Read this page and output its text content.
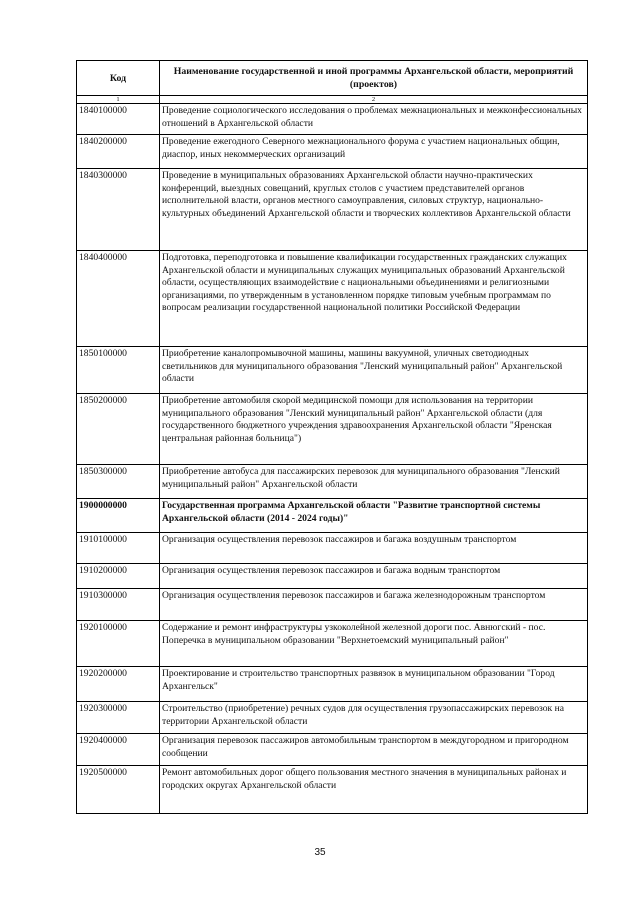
Код	Наименование государственной и иной программы Архангельской области, мероприятий (проектов)
1	2
1840100000	Проведение социологического исследования о проблемах межнациональных и межконфессиональных отношений в Архангельской области
1840200000	Проведение ежегодного Северного межнационального форума с участием национальных общин, диаспор, иных некоммерческих организаций
1840300000	Проведение в муниципальных образованиях Архангельской области научно-практических конференций, выездных совещаний, круглых столов с участием представителей органов исполнительной власти, органов местного самоуправления, силовых структур, национально-культурных объединений Архангельской области и творческих коллективов Архангельской области
1840400000	Подготовка, переподготовка и повышение квалификации государственных гражданских служащих Архангельской области и муниципальных служащих муниципальных образований Архангельской области, осуществляющих взаимодействие с национальными объединениями и религиозными организациями, по утвержденным в установленном порядке типовым учебным программам по вопросам реализации государственной национальной политики Российской Федерации
1850100000	Приобретение каналопромывочной машины, машины вакуумной, уличных светодиодных светильников для муниципального образования "Ленский муниципальный район" Архангельской области
1850200000	Приобретение автомобиля скорой медицинской помощи для использования на территории муниципального образования "Ленский муниципальный район" Архангельской области (для государственного бюджетного учреждения здравоохранения Архангельской области "Яренская центральная районная больница")
1850300000	Приобретение автобуса для пассажирских перевозок для муниципального образования "Ленский муниципальный район" Архангельской области
1900000000	Государственная программа Архангельской области "Развитие транспортной системы Архангельской области (2014 - 2024 годы)"
1910100000	Организация осуществления перевозок пассажиров и багажа воздушным транспортом
1910200000	Организация осуществления перевозок пассажиров и багажа водным транспортом
1910300000	Организация осуществления перевозок пассажиров и багажа железнодорожным транспортом
1920100000	Содержание и ремонт инфраструктуры узкоколейной железной дороги пос. Авнюгский - пос. Поперечка в муниципальном образовании "Верхнетоемский муниципальный район"
1920200000	Проектирование и строительство транспортных развязок в муниципальном образовании "Город Архангельск"
1920300000	Строительство (приобретение) речных судов для осуществления грузопассажирских перевозок на территории Архангельской области
1920400000	Организация перевозок пассажиров автомобильным транспортом в междугородном и пригородном сообщении
1920500000	Ремонт автомобильных дорог общего пользования местного значения в муниципальных районах и городских округах Архангельской области
35
